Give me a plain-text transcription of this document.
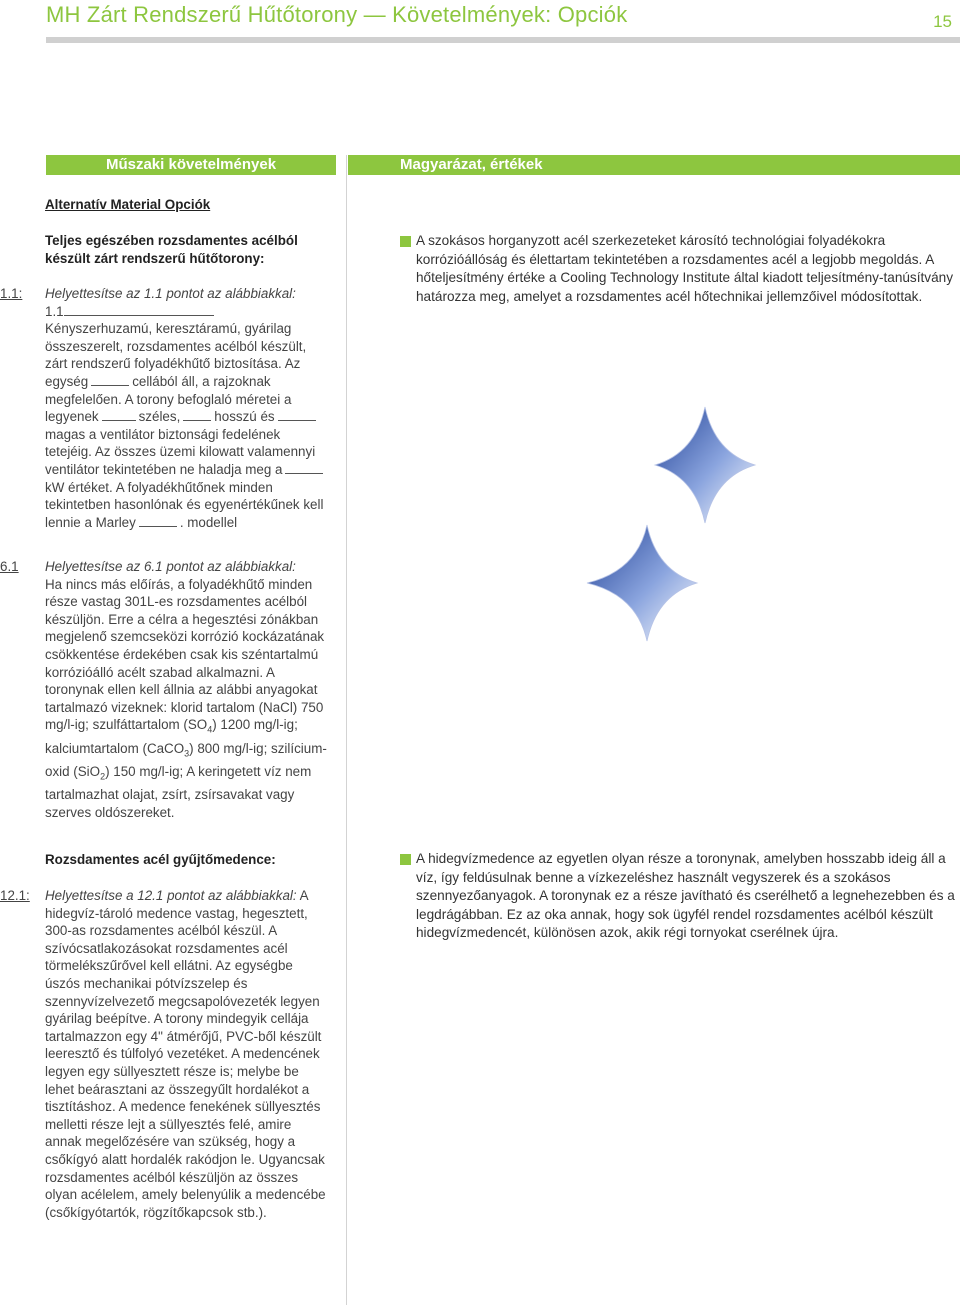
MH Zárt Rendszerű Hűtőtorony — Követelmények: Opciók	15
Műszaki követelmények	Magyarázat, értékek
Alternatív Material Opciók
Teljes egészében rozsdamentes acélból készült zárt rendszerű hűtőtorony:
1.1: Helyettesítse az 1.1 pontot az alábbiakkal:
1.1
Kényszerhuzamú, keresztáramú, gyárilag összeszerelt, rozsdamentes acélból készült, zárt rendszerű folyadékhűtő biztosítása. Az egység	cellából áll, a rajzoknak megfelelően. A torony befoglaló méretei a legyenek	széles,	hosszú ésmagas a ventilátor biztonsági fedelének tetejéig. Az összes üzemi kilowatt valamennyi ventilátor tekintetében ne haladja meg akW értéket. A folyadékhűtőnek minden tekintetben hasonlónak és egyenértékűnek kell lennie a Marley	. modellel
6.1 Helyettesítse az 6.1 pontot az alábbiakkal:
Ha nincs más előírás, a folyadékhűtő minden része vastag 301L-es rozsdamentes acélból készüljön. Erre a célra a hegesztési zónákban megjelenő szemcseközi korrózió kockázatának csökkentése érdekében csak kis széntartalmú korrózióálló acélt szabad alkalmazni. A toronynak ellen kell állnia az alábbi anyagokat tartalmazó vizeknek: klorid tartalom (NaCl) 750 mg/l-ig; szulfáttartalom $(SO_4)$ 1200 mg/l-ig; kalciumtartalom (CaCO$_3$) 800 mg/l-ig; szilícium-oxid (SiO$_2$) 150 mg/l-ig; A keringetett víz nem tartalmazhat olajat, zsírt, zsírsavakat vagy szerves oldószereket.
A szokásos horganyzott acél szerkezeteket károsító technológiai folyadékokra korrózióállóság és élettartam tekintetében a rozsdamentes acél a legjobb megoldás. A hőteljesítmény értéke a Cooling Technology Institute által kiadott teljesítmény-tanúsítvány határozza meg, amelyet a rozsdamentes acél hőtechnikai jellemzőivel módosítottak.
Rozsdamentes acél gyűjtőmedence:
12.1: Helyettesítse a 12.1 pontot az alábbiakkal: A hidegvíz-tároló medence vastag, hegesztett, 300-as rozsdamentes acélból készül. A szívócsatlakozásokat rozsdamentes acél törmelékszűrővel kell ellátni. Az egységbe úszós mechanikai pótvízszelep és szennyvízelvezető megcsapolóvezeték legyen gyárilag beépítve. A torony mindegyik cellája tartalmazzon egy 4" átmérőjű, PVC-ből készült leeresztő és túlfolyó vezetéket. A medencének legyen egy süllyesztett része is; melybe be lehet beárasztani az összegyűlt hordalékot a tisztításhoz. A medence fenekének süllyesztés melletti része lejt a süllyesztés felé, amire annak megelőzésére van szükség, hogy a csőkígyó alatt hordalék rakódjon le. Ugyancsak rozsdamentes acélból készüljön az összes olyan acélelem, amely belenyúlik a medencébe (csőkígyótartók, rögzítőkapcsok stb.).
A hidegvízmedence az egyetlen olyan része a toronynak, amelyben hosszabb ideig áll a víz, így feldúsulnak benne a vízkezeléshez használt vegyszerek és a szokásos szennyezőanyagok. A toronynak ez a része javítható és cserélhető a legnehezebben és a legdrágábban. Ez az oka annak, hogy sok ügyfél rendel rozsdamentes acélból készült hidegvízmedencét, különösen azok, akik régi tornyokat cserélnek újra.
